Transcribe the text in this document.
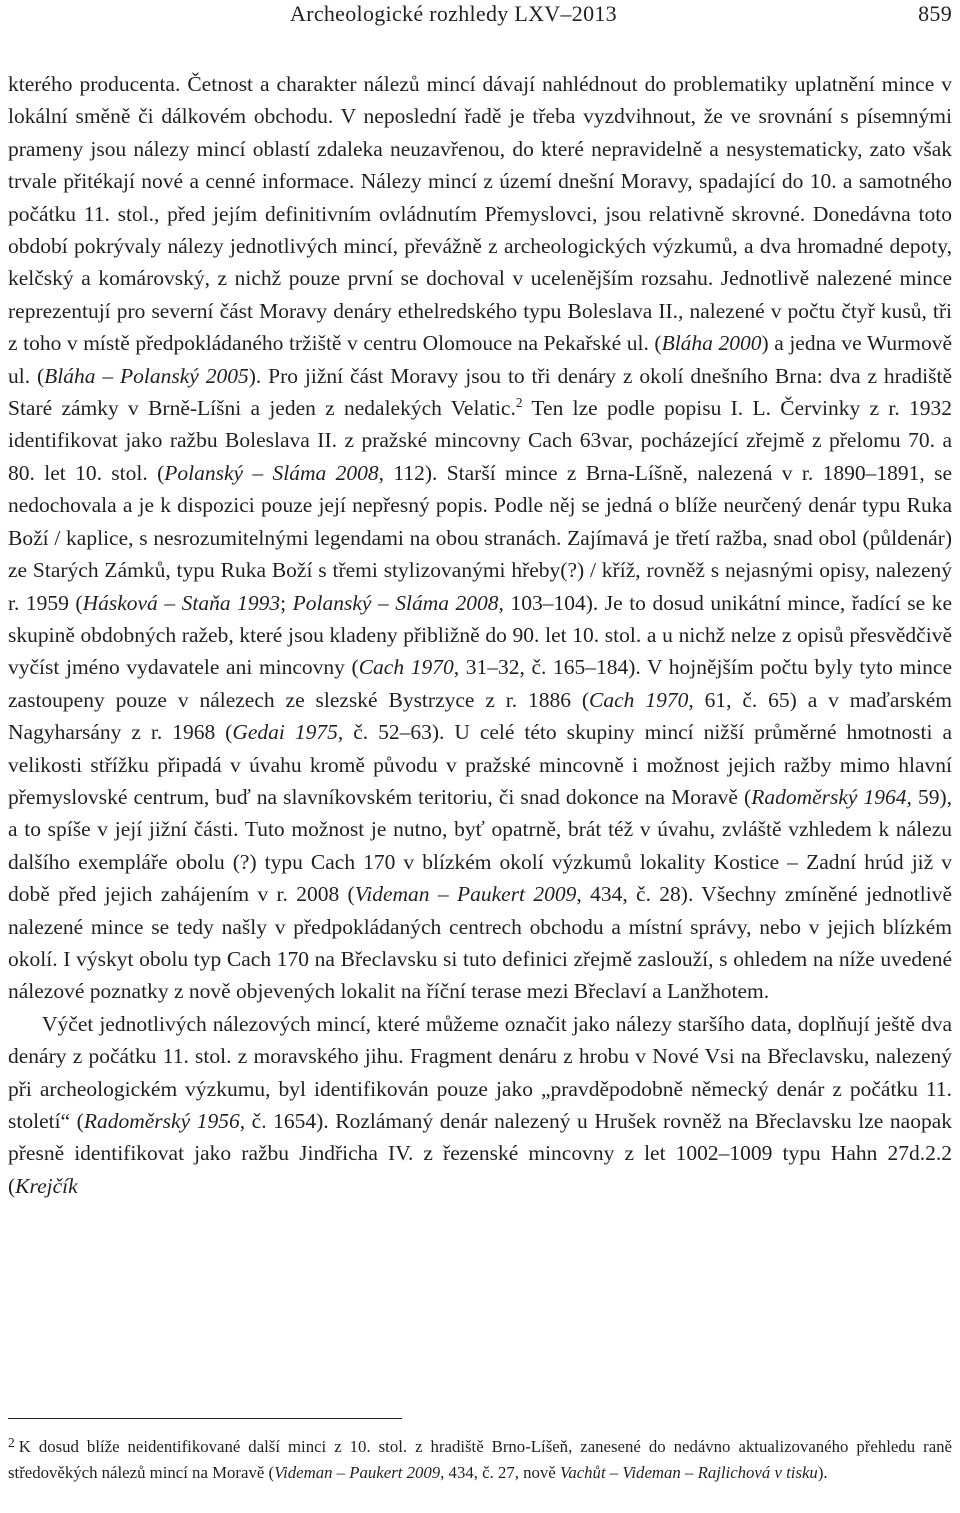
Archeologické rozhledy LXV–2013	859

kterého producenta. Četnost a charakter nálezů mincí dávají nahlédnout do problematiky uplatnění mince v lokální směně či dálkovém obchodu. V neposlední řadě je třeba vyzdvihnout, že ve srovnání s písemnými prameny jsou nálezy mincí oblastí zdaleka neuzavřenou, do které nepravidelně a nesystematicky, zato však trvale přitékají nové a cenné informace. Nálezy mincí z území dnešní Moravy, spadající do 10. a samotného počátku 11. stol., před jejím definitivním ovládnutím Přemyslovci, jsou relativně skrovné. Donedávna toto období pokrývaly nálezy jednotlivých mincí, převážně z archeologických výzkumů, a dva hromadné depoty, kelčský a komárovský, z nichž pouze první se dochoval v ucelenějším rozsahu. Jednotlivě nalezené mince reprezentují pro severní část Moravy denáry ethelredského typu Boleslava II., nalezené v počtu čtyř kusů, tři z toho v místě předpokládaného tržiště v centru Olomouce na Pekařské ul. (Bláha 2000) a jedna ve Wurmově ul. (Bláha – Polanský 2005). Pro jižní část Moravy jsou to tři denáry z okolí dnešního Brna: dva z hradiště Staré zámky v Brně-Líšni a jeden z nedalekých Velatic.$^2$ Ten lze podle popisu I. L. Červinky z r. 1932 identifikovat jako ražbu Boleslava II. z pražské mincovny Cach 63var, pocházející zřejmě z přelomu 70. a 80. let 10. stol. (Polanský – Sláma 2008, 112). Starší mince z Brna-Líšně, nalezená v r. 1890–1891, se nedochovala a je k dispozici pouze její nepřesný popis. Podle něj se jedná o blíže neurčený denár typu Ruka Boží / kaplice, s nesrozumitelnými legendami na obou stranách. Zajímavá je třetí ražba, snad obol (půldenár) ze Starých Zámků, typu Ruka Boží s třemi stylizovanými hřeby(?) / kříž, rovněž s nejasnými opisy, nalezený r. 1959 (Hásková – Staňa 1993; Polanský – Sláma 2008, 103–104). Je to dosud unikátní mince, řadící se ke skupině obdobných ražeb, které jsou kladeny přibližně do 90. let 10. stol. a u nichž nelze z opisů přesvědčivě vyčíst jméno vydavatele ani mincovny (Cach 1970, 31–32, č. 165–184). V hojnějším počtu byly tyto mince zastoupeny pouze v nálezech ze slezské Bystrzyce z r. 1886 (Cach 1970, 61, č. 65) a v maďarském Nagyharsány z r. 1968 (Gedai 1975, č. 52–63). U celé této skupiny mincí nižší průměrné hmotnosti a velikosti střížku připadá v úvahu kromě původu v pražské mincovně i možnost jejich ražby mimo hlavní přemyslovské centrum, buď na slavníkovském teritoriu, či snad dokonce na Moravě (Radoměrský 1964, 59), a to spíše v její jižní části. Tuto možnost je nutno, byť opatrně, brát též v úvahu, zvláště vzhledem k nálezu dalšího exempláře obolu (?) typu Cach 170 v blízkém okolí výzkumů lokality Kostice – Zadní hrúd již v době před jejich zahájením v r. 2008 (Videman – Paukert 2009, 434, č. 28). Všechny zmíněné jednotlivě nalezené mince se tedy našly v předpokládaných centrech obchodu a místní správy, nebo v jejich blízkém okolí. I výskyt obolu typ Cach 170 na Břeclavsku si tuto definici zřejmě zaslouží, s ohledem na níže uvedené nálezové poznatky z nově objevených lokalit na říční terase mezi Břeclaví a Lanžhotem.

Výčet jednotlivých nálezových mincí, které můžeme označit jako nálezy staršího data, doplňují ještě dva denáry z počátku 11. stol. z moravského jihu. Fragment denáru z hrobu v Nové Vsi na Břeclavsku, nalezený při archeologickém výzkumu, byl identifikován pouze jako „pravděpodobně německý denár z počátku 11. století“ (Radoměrský 1956, č. 1654). Rozlámaný denár nalezený u Hrušek rovněž na Břeclavsku lze naopak přesně identifikovat jako ražbu Jindřicha IV. z řezenské mincovny z let 1002–1009 typu Hahn 27d.2.2 (Krejčík

$^2$ K dosud blíže neidentifikované další minci z 10. stol. z hradiště Brno-Líšeň, zanesené do nedávno aktualizovaného přehledu raně středověkých nálezů mincí na Moravě (Videman – Paukert 2009, 434, č. 27, nově Vachůt – Videman – Rajlichová v tisku).
